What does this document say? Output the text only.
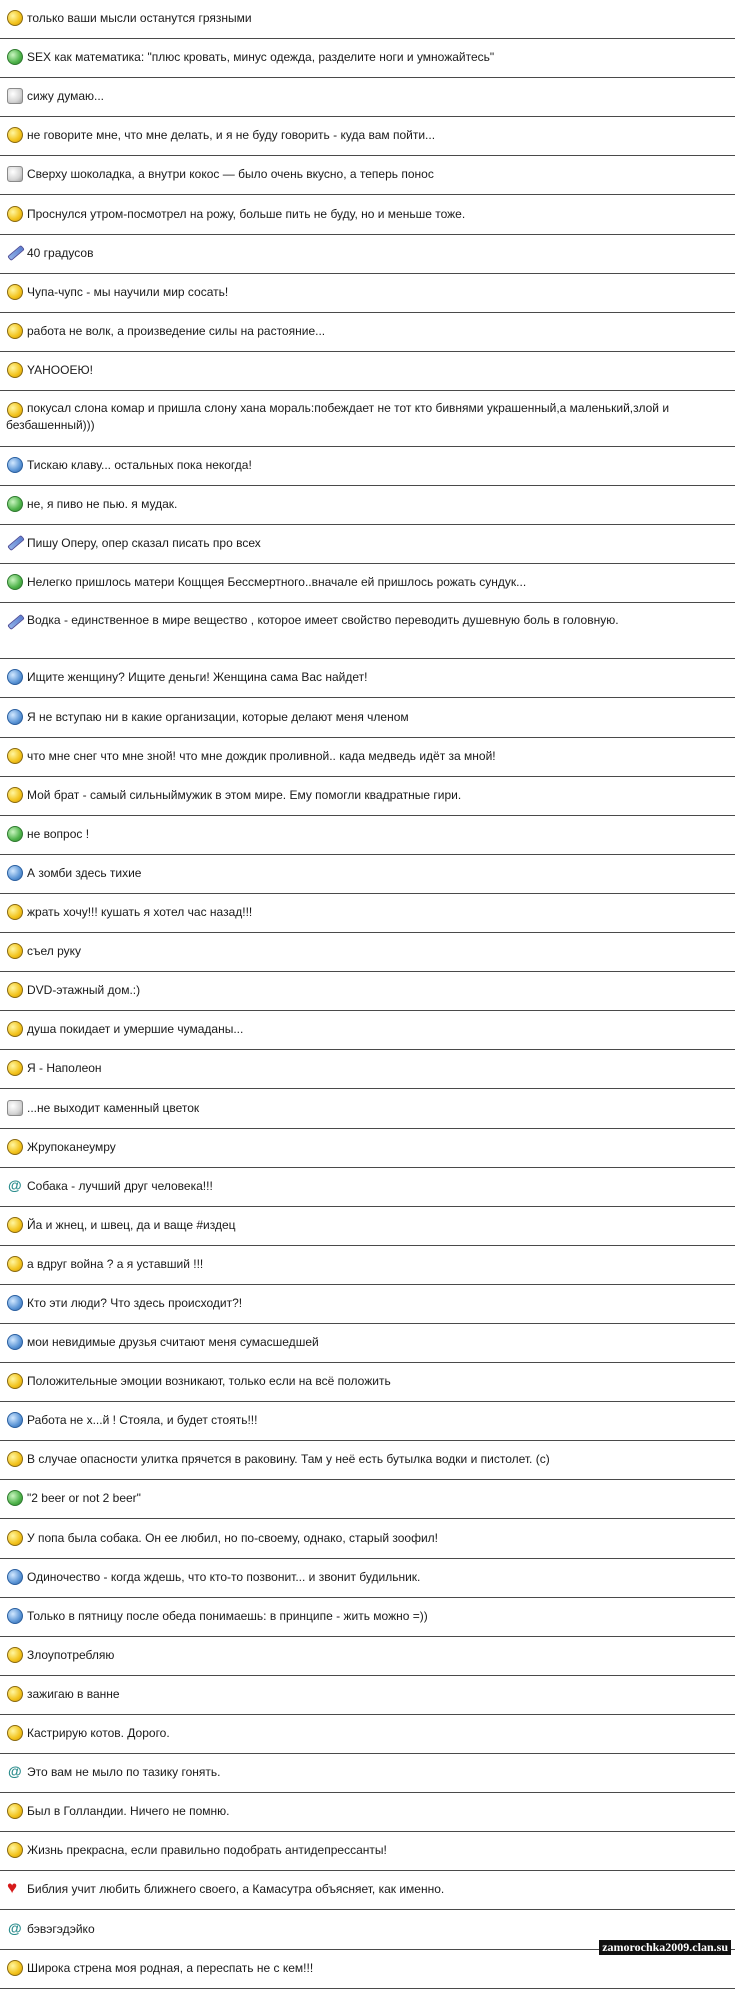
только ваши мысли останутся грязными
SEX как математика: "плюс кровать, минус одежда, разделите ноги и умножайтесь"
сижу думаю...
не говорите мне, что мне делать, и я не буду говорить - куда вам пойти...
Сверху шоколадка, а внутри кокос — было очень вкусно, а теперь понос
Проснулся утром-посмотрел на рожу, больше пить не буду, но и меньше тоже.
40 градусов
Чупа-чупс - мы научили мир сосать!
работа не волк, а произведение силы на растояние...
YAHOOEЮ!
покусал слона комар и пришла слону хана мораль:побеждает не тот кто бивнями украшенный,а маленький,злой и безбашенный)))
Тискаю клаву... остальных пока некогда!
не, я пиво не пью. я мудак.
Пишу Оперу, опер сказал писать про всех
Нелегко пришлось матери Кощщея Бессмертного..вначале ей пришлось рожать сундук...
Водка - единственное в мире вещество , которое имеет свойство переводить душевную боль в головную.
Ищите женщину? Ищите деньги! Женщина сама Вас найдет!
Я не вступаю ни в какие организации, которые делают меня членом
что мне снег что мне зной! что мне дождик проливной.. када медведь идёт за мной!
Мой брат - самый сильныймужик в этом мире. Ему помогли квадратные гири.
не вопрос !
А зомби здесь тихие
жрать хочу!!! кушать я хотел час назад!!!
съел руку
DVD-этажный дом.:)
душа покидает и умершие чумаданы...
Я - Наполеон
...не выходит каменный цветок
Жрупоканеумру
@
Собака - лучший друг человека!!!
Йа и жнец, и швец, да и ваще #издец
а вдруг война ? а я уставший !!!
Кто эти люди? Что здесь происходит?!
мои невидимые друзья считают меня сумасшедшей
Положительные эмоции возникают, только если на всё положить
Работа не х...й ! Стояла, и будет стоять!!!
В случае опасности улитка прячется в раковину. Там у неё есть бутылка водки и пистолет. (с)
"2 beer or not 2 beer"
У попа была собака. Он ее любил, но по-своему, однако, старый зоофил!
Одиночество - когда ждешь, что кто-то позвонит... и звонит будильник.
Только в пятницу после обеда понимаешь: в принципе - жить можно =))
Злоупотребляю
зажигаю в ванне
Кастрирую котов. Дорого.
@
Это вам не мыло по тазику гонять.
Был в Голландии. Ничего не помню.
Жизнь прекрасна, если правильно подобрать антидепрессанты!
♥
Библия учит любить ближнего своего, а Камасутра объясняет, как именно.
@
бэвэгэдэйко
Широка стрена моя родная, а переспать не с кем!!!
zamorochka2009.clan.su
